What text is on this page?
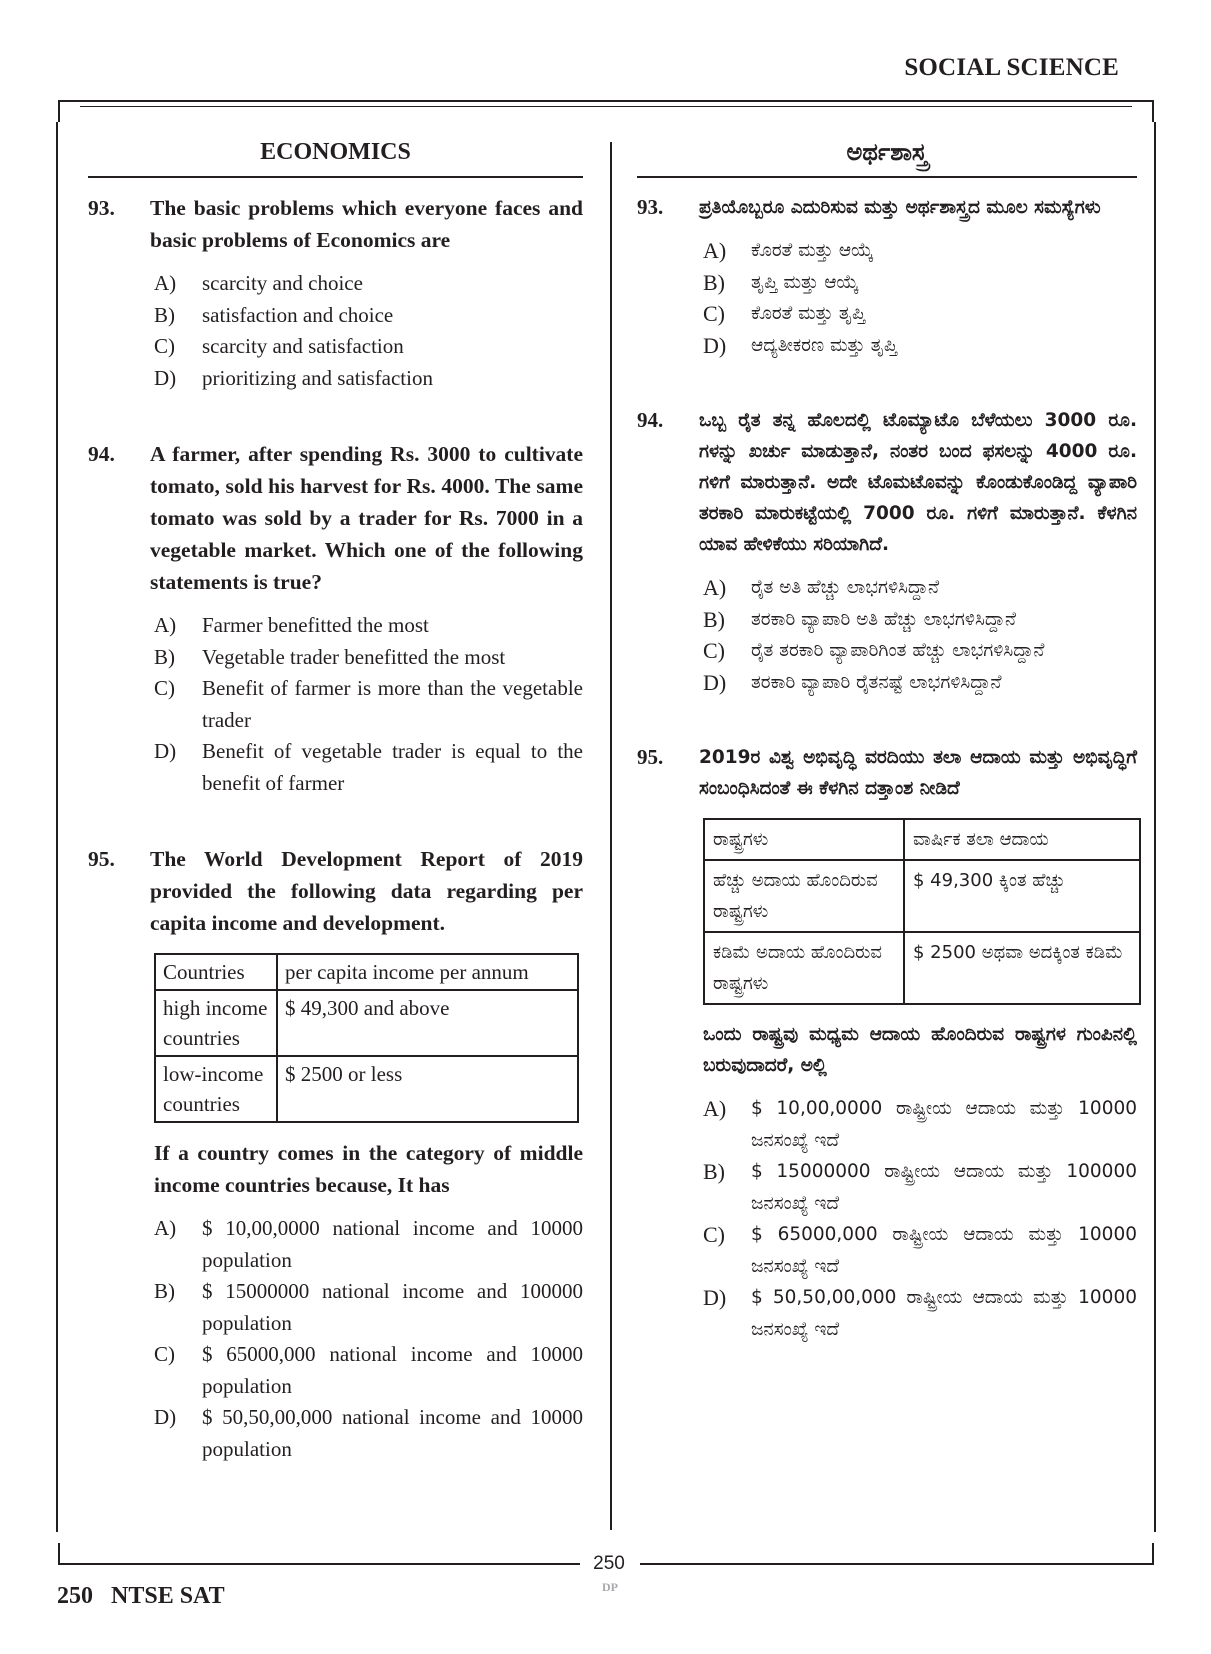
SOCIAL SCIENCE
ECONOMICS
93.	The basic problems which everyone faces and basic problems of Economics are
A)	scarcity and choice
B)	satisfaction and choice
C)	scarcity and satisfaction
D)	prioritizing and satisfaction
94.	A farmer, after spending Rs. 3000 to cultivate tomato, sold his harvest for Rs. 4000. The same tomato was sold by a trader for Rs. 7000 in a vegetable market. Which one of the following statements is true?
A)	Farmer benefitted the most
B)	Vegetable trader benefitted the most
C)	Benefit of farmer is more than the vegetable trader
D)	Benefit of vegetable trader is equal to the benefit of farmer
95.	The World Development Report of 2019 provided the following data regarding per capita income and development.
Countries	per capita income per annum
high income countries	$ 49,300 and above
low-income countries	$ 2500 or less
If a country comes in the category of middle income countries because, It has
A)	$ 10,00,0000 national income and 10000 population
B)	$ 15000000 national income and 100000 population
C)	$ 65000,000 national income and 10000 population
D)	$ 50,50,00,000 national income and 10000 population
ಅರ್ಥಶಾಸ್ತ್ರ
93.	ಪ್ರತಿಯೊಬ್ಬರೂ ಎದುರಿಸುವ ಮತ್ತು ಅರ್ಥಶಾಸ್ತ್ರದ ಮೂಲ ಸಮಸ್ಯೆಗಳು
A)	ಕೊರತೆ ಮತ್ತು ಆಯ್ಕೆ
B)	ತೃಪ್ತಿ ಮತ್ತು ಆಯ್ಕೆ
C)	ಕೊರತೆ ಮತ್ತು ತೃಪ್ತಿ
D)	ಆದ್ಯತೀಕರಣ ಮತ್ತು ತೃಪ್ತಿ
94.	ಒಬ್ಬ ರೈತ ತನ್ನ ಹೊಲದಲ್ಲಿ ಟೊಮ್ಯಾಟೊ ಬೆಳೆಯಲು 3000 ರೂ. ಗಳನ್ನು ಖರ್ಚು ಮಾಡುತ್ತಾನೆ, ನಂತರ ಬಂದ ಫಸಲನ್ನು 4000 ರೂ. ಗಳಿಗೆ ಮಾರುತ್ತಾನೆ. ಅದೇ ಟೊಮಟೊವನ್ನು ಕೊಂಡುಕೊಂಡಿದ್ದ ವ್ಯಾಪಾರಿ ತರಕಾರಿ ಮಾರುಕಟ್ಟೆಯಲ್ಲಿ 7000 ರೂ. ಗಳಿಗೆ ಮಾರುತ್ತಾನೆ. ಕೆಳಗಿನ ಯಾವ ಹೇಳಿಕೆಯು ಸರಿಯಾಗಿದೆ.
A)	ರೈತ ಅತಿ ಹೆಚ್ಚು ಲಾಭಗಳಿಸಿದ್ದಾನೆ
B)	ತರಕಾರಿ ವ್ಯಾಪಾರಿ ಅತಿ ಹೆಚ್ಚು ಲಾಭಗಳಿಸಿದ್ದಾನೆ
C)	ರೈತ ತರಕಾರಿ ವ್ಯಾಪಾರಿಗಿಂತ ಹೆಚ್ಚು ಲಾಭಗಳಿಸಿದ್ದಾನೆ
D)	ತರಕಾರಿ ವ್ಯಾಪಾರಿ ರೈತನಷ್ಟೆ ಲಾಭಗಳಿಸಿದ್ದಾನೆ
95.	2019ರ ವಿಶ್ವ ಅಭಿವೃದ್ಧಿ ವರದಿಯು ತಲಾ ಆದಾಯ ಮತ್ತು ಅಭಿವೃದ್ಧಿಗೆ ಸಂಬಂಧಿಸಿದಂತೆ ಈ ಕೆಳಗಿನ ದತ್ತಾಂಶ ನೀಡಿದೆ
ರಾಷ್ಟ್ರಗಳು	ವಾರ್ಷಿಕ ತಲಾ ಆದಾಯ
ಹೆಚ್ಚು ಅದಾಯ ಹೊಂದಿರುವ ರಾಷ್ಟ್ರಗಳು	$ 49,300 ಕ್ಕಿಂತ ಹೆಚ್ಚು
ಕಡಿಮೆ ಅದಾಯ ಹೊಂದಿರುವ ರಾಷ್ಟ್ರಗಳು	$ 2500 ಅಥವಾ ಅದಕ್ಕಿಂತ ಕಡಿಮೆ
ಒಂದು ರಾಷ್ಟ್ರವು ಮಧ್ಯಮ ಆದಾಯ ಹೊಂದಿರುವ ರಾಷ್ಟ್ರಗಳ ಗುಂಪಿನಲ್ಲಿ ಬರುವುದಾದರೆ, ಅಲ್ಲಿ
A)	$ 10,00,0000 ರಾಷ್ಟ್ರೀಯ ಆದಾಯ ಮತ್ತು 10000 ಜನಸಂಖ್ಯೆ ಇದೆ
B)	$ 15000000 ರಾಷ್ಟ್ರೀಯ ಆದಾಯ ಮತ್ತು 100000 ಜನಸಂಖ್ಯೆ ಇದೆ
C)	$ 65000,000 ರಾಷ್ಟ್ರೀಯ ಆದಾಯ ಮತ್ತು 10000 ಜನಸಂಖ್ಯೆ ಇದೆ
D)	$ 50,50,00,000 ರಾಷ್ಟ್ರೀಯ ಆದಾಯ ಮತ್ತು 10000 ಜನಸಂಖ್ಯೆ ಇದೆ
250
DP
250   NTSE SAT
